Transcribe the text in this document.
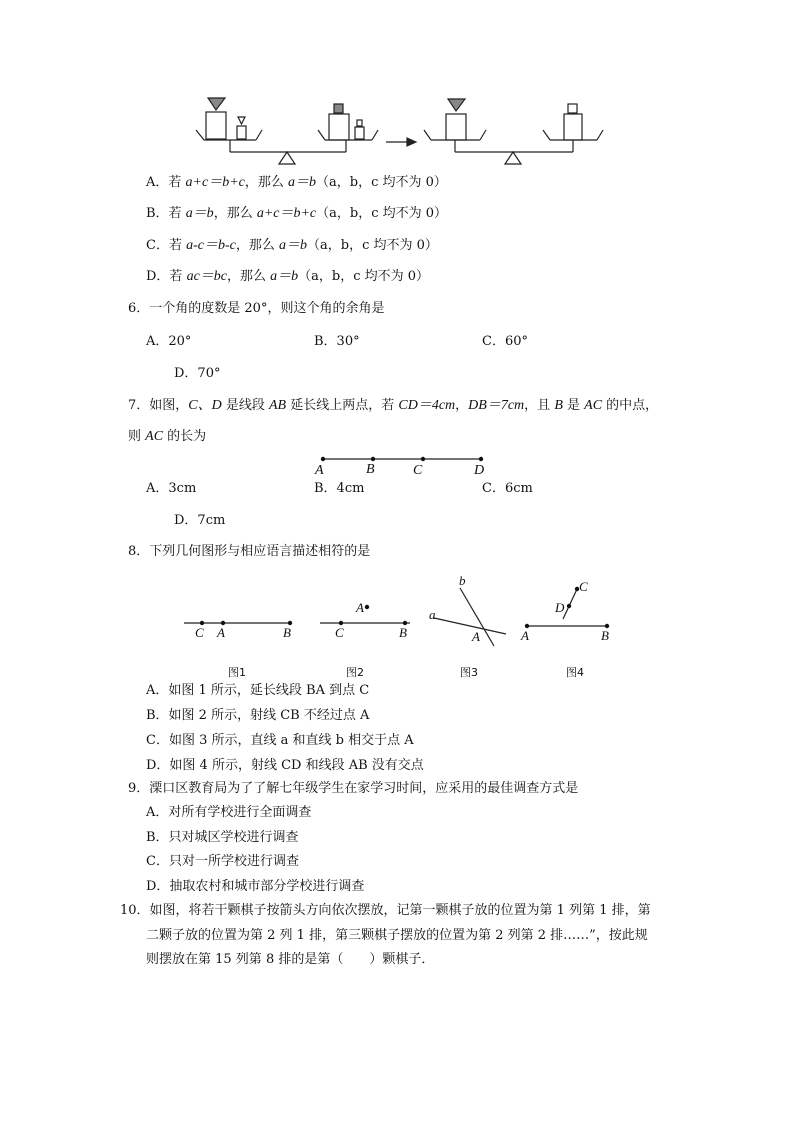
A．若 a+c＝b+c，那么 a＝b（a，b，c 均不为 0）
B．若 a＝b，那么 a+c＝b+c（a，b，c 均不为 0）
C．若 a-c＝b-c，那么 a＝b（a，b，c 均不为 0）
D．若 ac＝bc，那么 a＝b（a，b，c 均不为 0）
6．一个角的度数是 20°，则这个角的余角是
A．20°	B．30°	C．60°
D．70°
7．如图，C、D 是线段 AB 延长线上两点，若 CD＝4cm，DB＝7cm，且 B 是 AC 的中点，
则 AC 的长为
A	B	C	D
A．3cm	B．4cm	C．6cm
D．7cm
8．下列几何图形与相应语言描述相符的是
C A	B
A
C	B
b
a
A
C
D
A	B
图1	图2	图3	图4
A．如图 1 所示，延长线段 BA 到点 C
B．如图 2 所示，射线 CB 不经过点 A
C．如图 3 所示，直线 a 和直线 b 相交于点 A
D．如图 4 所示，射线 CD 和线段 AB 没有交点
9．溧口区教育局为了了解七年级学生在家学习时间，应采用的最佳调查方式是
A．对所有学校进行全面调查
B．只对城区学校进行调查
C．只对一所学校进行调查
D．抽取农村和城市部分学校进行调查
10．如图，将若干颗棋子按箭头方向依次摆放，记第一颗棋子放的位置为第 1 列第 1 排，第
二颗子放的位置为第 2 列 1 排，第三颗棋子摆放的位置为第 2 列第 2 排……”，按此规
则摆放在第 15 列第 8 排的是第（　　）颗棋子．
